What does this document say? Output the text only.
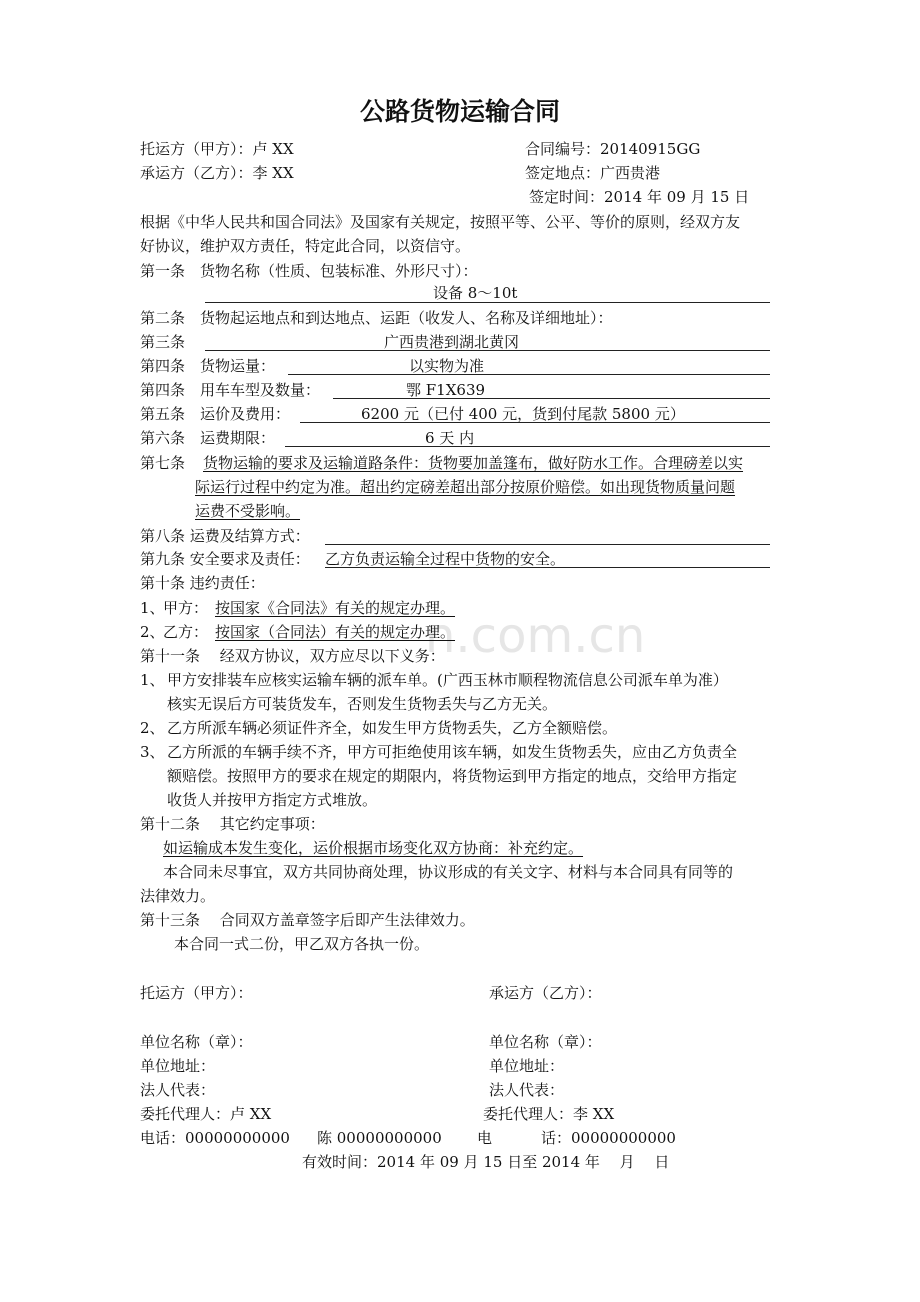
n.com.cn
公路货物运输合同
托运方（甲方）：卢 XX	合同编号：20140915GG
承运方（乙方）：李 XX	签定地点：广西贵港
签定时间：2014 年 09 月 15 日
根据《中华人民共和国合同法》及国家有关规定，按照平等、公平、等价的原则，经双方友
好协议，维护双方责任，特定此合同，以资信守。
第一条　货物名称（性质、包装标准、外形尺寸）：
设备 8～10t
第二条　货物起运地点和到达地点、运距（收发人、名称及详细地址）：
第三条	广西贵港到湖北黄冈
第四条　货物运量：	以实物为准
第四条　用车车型及数量：	鄂 F1X639
第五条　运价及费用：	6200 元（已付 400 元，货到付尾款 5800 元）
第六条　运费期限：	6 天 内
第七条 货物运输的要求及运输道路条件：货物要加盖篷布，做好防水工作。合理磅差以实
际运行过程中约定为准。超出约定磅差超出部分按原价赔偿。如出现货物质量问题
运费不受影响。
第八条 运费及结算方式：
第九条 安全要求及责任： 乙方负责运输全过程中货物的安全。
第十条 违约责任：
1、
甲方： 按国家《合同法》有关的规定办理。
2、
乙方： 按国家（合同法）有关的规定办理。
第十一条　 经双方协议，双方应尽以下义务：
1、 甲方安排装车应核实运输车辆的派车单。(广西玉林市顺程物流信息公司派车单为准）
核实无误后方可装货发车，否则发生货物丢失与乙方无关。
2、 乙方所派车辆必须证件齐全，如发生甲方货物丢失，乙方全额赔偿。
3、 乙方所派的车辆手续不齐，甲方可拒绝使用该车辆，如发生货物丢失，应由乙方负责全
额赔偿。按照甲方的要求在规定的期限内，将货物运到甲方指定的地点，交给甲方指定
收货人并按甲方指定方式堆放。
第十二条　 其它约定事项：
如运输成本发生变化，运价根据市场变化双方协商：补充约定。
本合同未尽事宜，双方共同协商处理，协议形成的有关文字、材料与本合同具有同等的
法律效力。
第十三条　 合同双方盖章签字后即产生法律效力。
本合同一式二份，甲乙双方各执一份。
托运方（甲方）：	承运方（乙方）：
单位名称（章）：	单位名称（章）：
单位地址：	单位地址：
法人代表：	法人代表：
委托代理人：卢 XX	委托代理人：李 XX
电话：00000000000 陈 00000000000 电	话：00000000000
有效时间：2014 年 09 月 15 日至 2014 年　 月　 日
